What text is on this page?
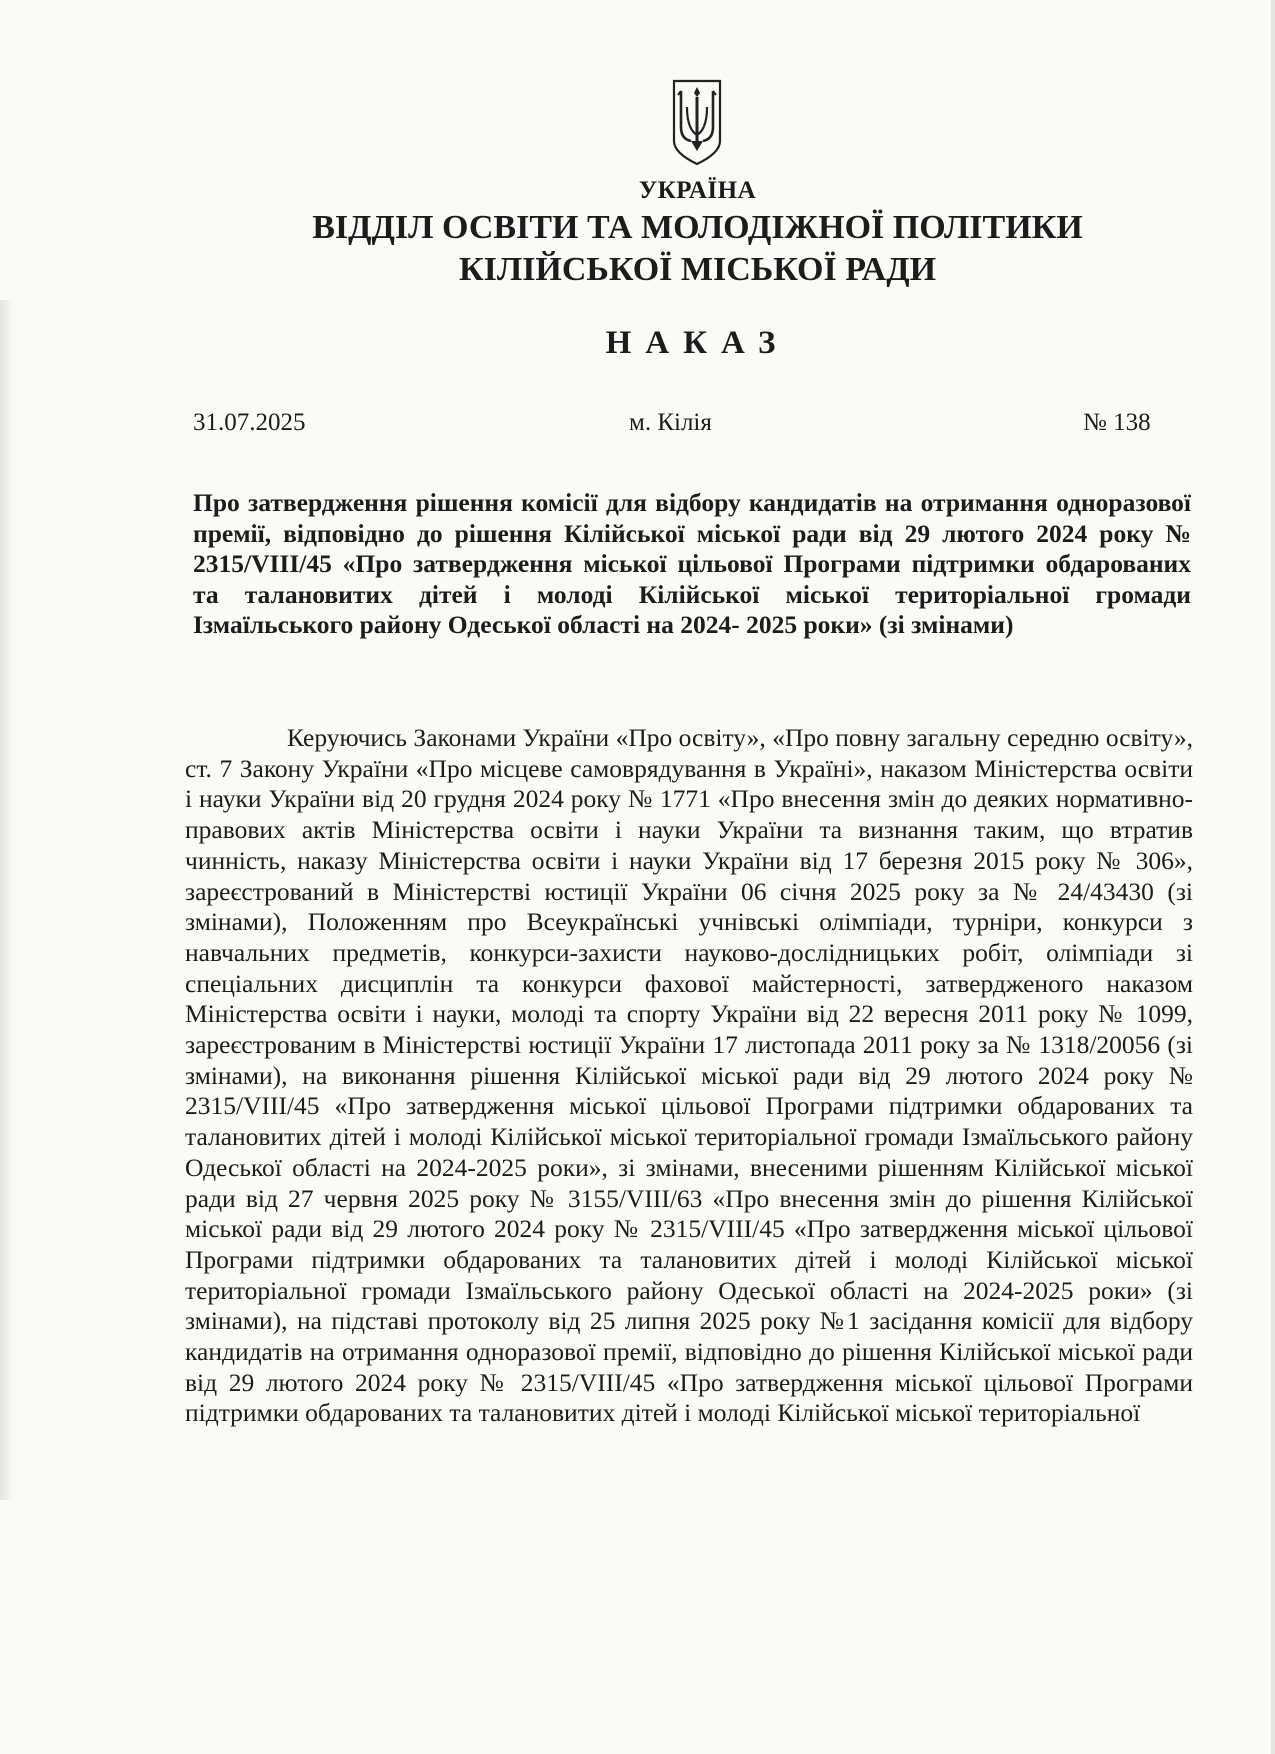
УКРАЇНА
ВІДДІЛ ОСВІТИ ТА МОЛОДІЖНОЇ ПОЛІТИКИ
КІЛІЙСЬКОЇ МІСЬКОЇ РАДИ
НАКАЗ
31.07.2025	м. Кілія	№ 138
Про затвердження рішення комісії для відбору кандидатів на отримання одноразової премії, відповідно до рішення Кілійської міської ради від 29 лютого 2024 року № 2315/VIII/45 «Про затвердження міської цільової Програми підтримки обдарованих та талановитих дітей і молоді Кілійської міської територіальної громади Ізмаїльського району Одеської області на 2024- 2025 роки» (зі змінами)
Керуючись Законами України «Про освіту», «Про повну загальну середню освіту», ст. 7 Закону України «Про місцеве самоврядування в Україні», наказом Міністерства освіти і науки України від 20 грудня 2024 року № 1771 «Про внесення змін до деяких нормативно-правових актів Міністерства освіти і науки України та визнання таким, що втратив чинність, наказу Міністерства освіти і науки України від 17 березня 2015 року № 306», зареєстрований в Міністерстві юстиції України 06 січня 2025 року за № 24/43430 (зі змінами), Положенням про Всеукраїнські учнівські олімпіади, турніри, конкурси з навчальних предметів, конкурси-захисти науково-дослідницьких робіт, олімпіади зі спеціальних дисциплін та конкурси фахової майстерності, затвердженого наказом Міністерства освіти і науки, молоді та спорту України від 22 вересня 2011 року № 1099, зареєстрованим в Міністерстві юстиції України 17 листопада 2011 року за № 1318/20056 (зі змінами), на виконання рішення Кілійської міської ради від 29 лютого 2024 року № 2315/VIII/45 «Про затвердження міської цільової Програми підтримки обдарованих та талановитих дітей і молоді Кілійської міської територіальної громади Ізмаїльського району Одеської області на 2024-2025 роки», зі змінами, внесеними рішенням Кілійської міської ради від 27 червня 2025 року № 3155/VIII/63 «Про внесення змін до рішення Кілійської міської ради від 29 лютого 2024 року № 2315/VIII/45 «Про затвердження міської цільової Програми підтримки обдарованих та талановитих дітей і молоді Кілійської міської територіальної громади Ізмаїльського району Одеської області на 2024-2025 роки» (зі змінами), на підставі протоколу від 25 липня 2025 року №1 засідання комісії для відбору кандидатів на отримання одноразової премії, відповідно до рішення Кілійської міської ради від 29 лютого 2024 року № 2315/VIII/45 «Про затвердження міської цільової Програми підтримки обдарованих та талановитих дітей і молоді Кілійської міської територіальної
